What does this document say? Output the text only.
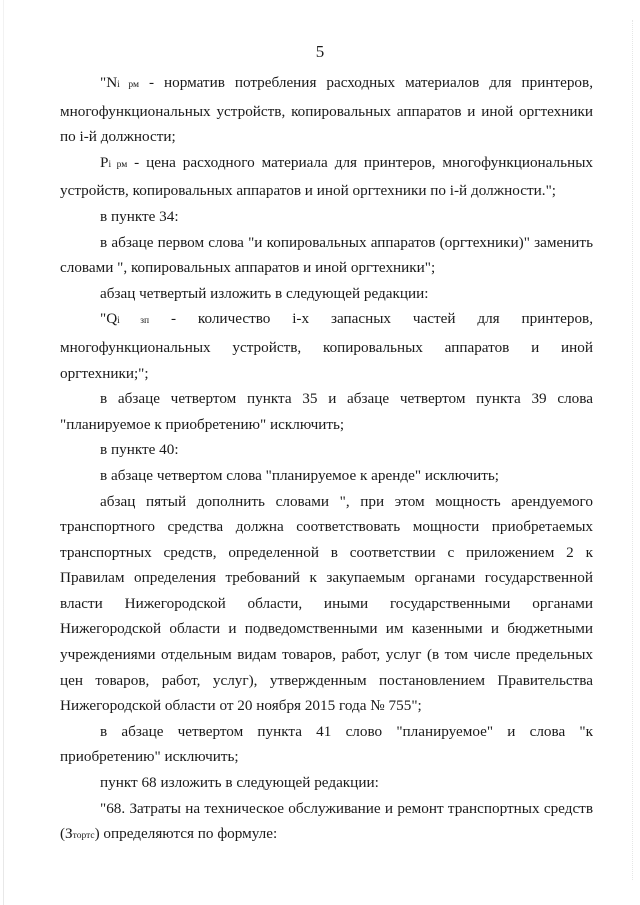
5

"Ni рм - норматив потребления расходных материалов для принтеров, многофункциональных устройств, копировальных аппаратов и иной оргтехники по i-й должности;

Pi рм - цена расходного материала для принтеров, многофункциональных устройств, копировальных аппаратов и иной оргтехники по i-й должности.";

в пункте 34:

в абзаце первом слова "и копировальных аппаратов (оргтехники)" заменить словами ", копировальных аппаратов и иной оргтехники";

абзац четвертый изложить в следующей редакции:

"Qi зп - количество i-х запасных частей для принтеров, многофункциональных устройств, копировальных аппаратов и иной оргтехники;";

в абзаце четвертом пункта 35 и абзаце четвертом пункта 39 слова "планируемое к приобретению" исключить;

в пункте 40:

в абзаце четвертом слова "планируемое к аренде" исключить;

абзац пятый дополнить словами ", при этом мощность арендуемого транспортного средства должна соответствовать мощности приобретаемых транспортных средств, определенной в соответствии с приложением 2 к Правилам определения требований к закупаемым органами государственной власти Нижегородской области, иными государственными органами Нижегородской области и подведомственными им казенными и бюджетными учреждениями отдельным видам товаров, работ, услуг (в том числе предельных цен товаров, работ, услуг), утвержденным постановлением Правительства Нижегородской области от 20 ноября 2015 года № 755";

в абзаце четвертом пункта 41 слово "планируемое" и слова "к приобретению" исключить;

пункт 68 изложить в следующей редакции:

"68. Затраты на техническое обслуживание и ремонт транспортных средств (Зтортс) определяются по формуле:
